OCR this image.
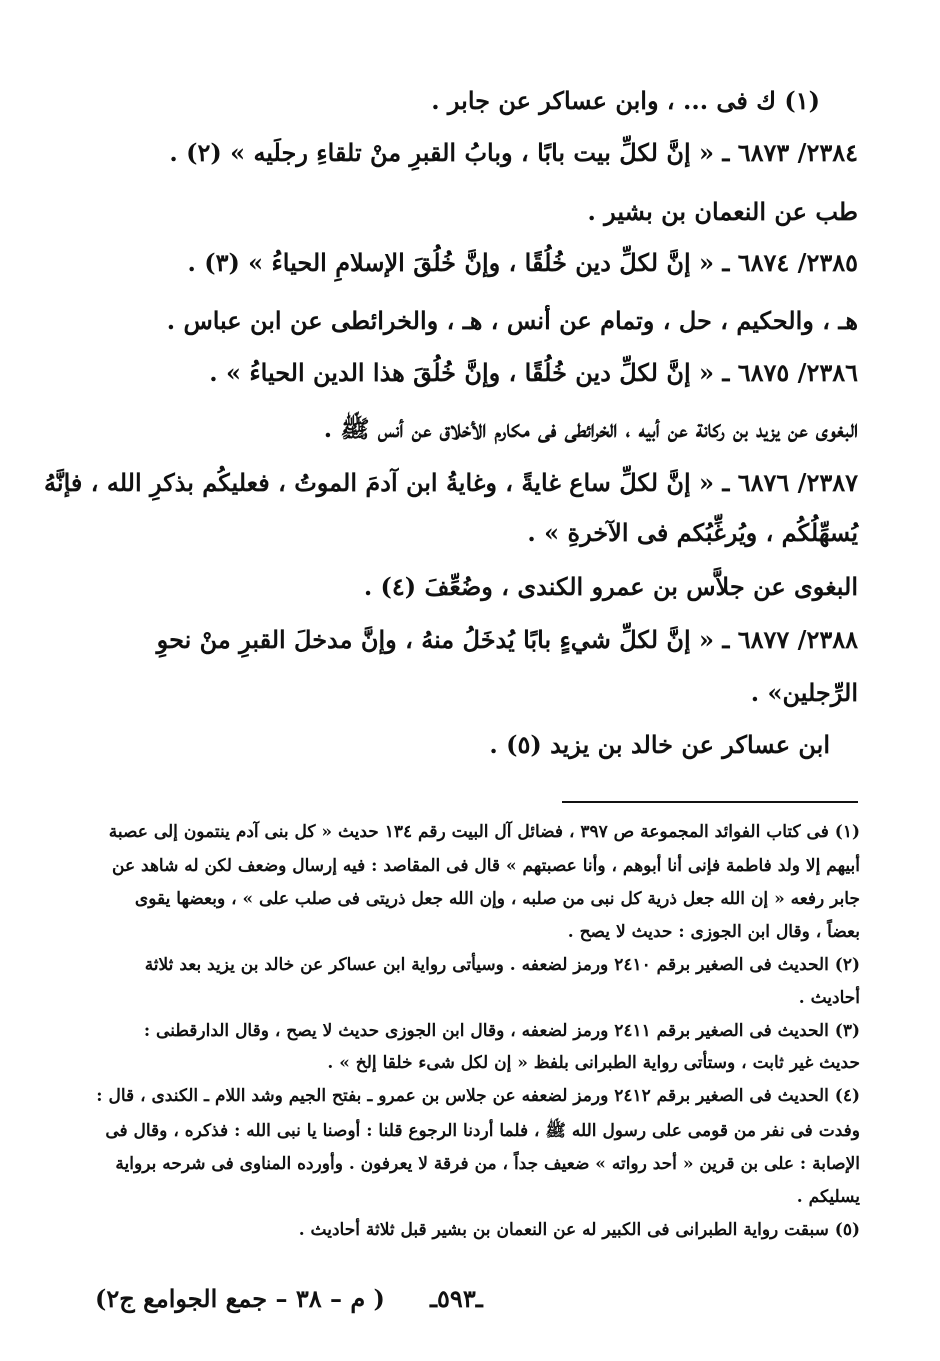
(١) ك فى ... ، وابن عساكر عن جابر .
٢٣٨٤/ ٦٨٧٣ ـ « إنَّ لكلِّ بيت بابًا ، وبابُ القبرِ منْ تلقاءِ رجلَيه » (٢) .
طب عن النعمان بن بشير .
٢٣٨٥/ ٦٨٧٤ ـ « إنَّ لكلِّ دين خُلُقًا ، وإنَّ خُلُقَ الإسلامِ الحياءُ » (٣) .
هـ ، والحكيم ، حل ، وتمام عن أنس ، هـ ، والخرائطى عن ابن عباس .
٢٣٨٦/ ٦٨٧٥ ـ « إنَّ لكلِّ دين خُلُقًا ، وإنَّ خُلُقَ هذا الدين الحياءُ » .
البغوى عن يزيد بن ركانة عن أبيه ، الخرائطى فى مكارم الأخلاق عن أنس ﷺ .
٢٣٨٧/ ٦٨٧٦ ـ « إنَّ لكلِّ ساع غايةً ، وغايةُ ابن آدمَ الموتُ ، فعليكُم بذكرِ الله ، فإنَّهُ
يُسهِّلُكُم ، ويُرغِّبُكم فى الآخرةِ » .
البغوى عن جلاَّس بن عمرو الكندى ، وضُعِّفَ (٤) .
٢٣٨٨/ ٦٨٧٧ ـ « إنَّ لكلِّ شيءٍ بابًا يُدخَلُ منهُ ، وإنَّ مدخلَ القبرِ منْ نحوِ
الرِّجلين» .
ابن عساكر عن خالد بن يزيد (٥) .
(١) فى كتاب الفوائد المجموعة ص ٣٩٧ ، فضائل آل البيت رقم ١٣٤ حديث « كل بنى آدم ينتمون إلى عصبة
أبيهم إلا ولد فاطمة فإنى أنا أبوهم ، وأنا عصبتهم » قال فى المقاصد : فيه إرسال وضعف لكن له شاهد عن
جابر رفعه « إن الله جعل ذرية كل نبى من صلبه ، وإن الله جعل ذريتى فى صلب على » ، وبعضها يقوى
بعضاً ، وقال ابن الجوزى : حديث لا يصح .
(٢) الحديث فى الصغير برقم ٢٤١٠ ورمز لضعفه . وسيأتى رواية ابن عساكر عن خالد بن يزيد بعد ثلاثة
أحاديث .
(٣) الحديث فى الصغير برقم ٢٤١١ ورمز لضعفه ، وقال ابن الجوزى حديث لا يصح ، وقال الدارقطنى :
حديث غير ثابت ، وستأتى رواية الطبرانى بلفظ « إن لكل شىء خلقا إلخ » .
(٤) الحديث فى الصغير برقم ٢٤١٢ ورمز لضعفه عن جلاس بن عمرو ـ بفتح الجيم وشد اللام ـ الكندى ، قال :
وفدت فى نفر من قومى على رسول الله ﷺ ، فلما أردنا الرجوع قلنا : أوصنا يا نبى الله : فذكره ، وقال فى
الإصابة : على بن قرين « أحد رواته » ضعيف جداً ، من فرقة لا يعرفون . وأورده المناوى فى شرحه برواية
يسليكم .
(٥) سبقت رواية الطبرانى فى الكبير له عن النعمان بن بشير قبل ثلاثة أحاديث .
ـ٥٩٣ـ
( م – ٣٨ – جمع الجوامع ج٢)
